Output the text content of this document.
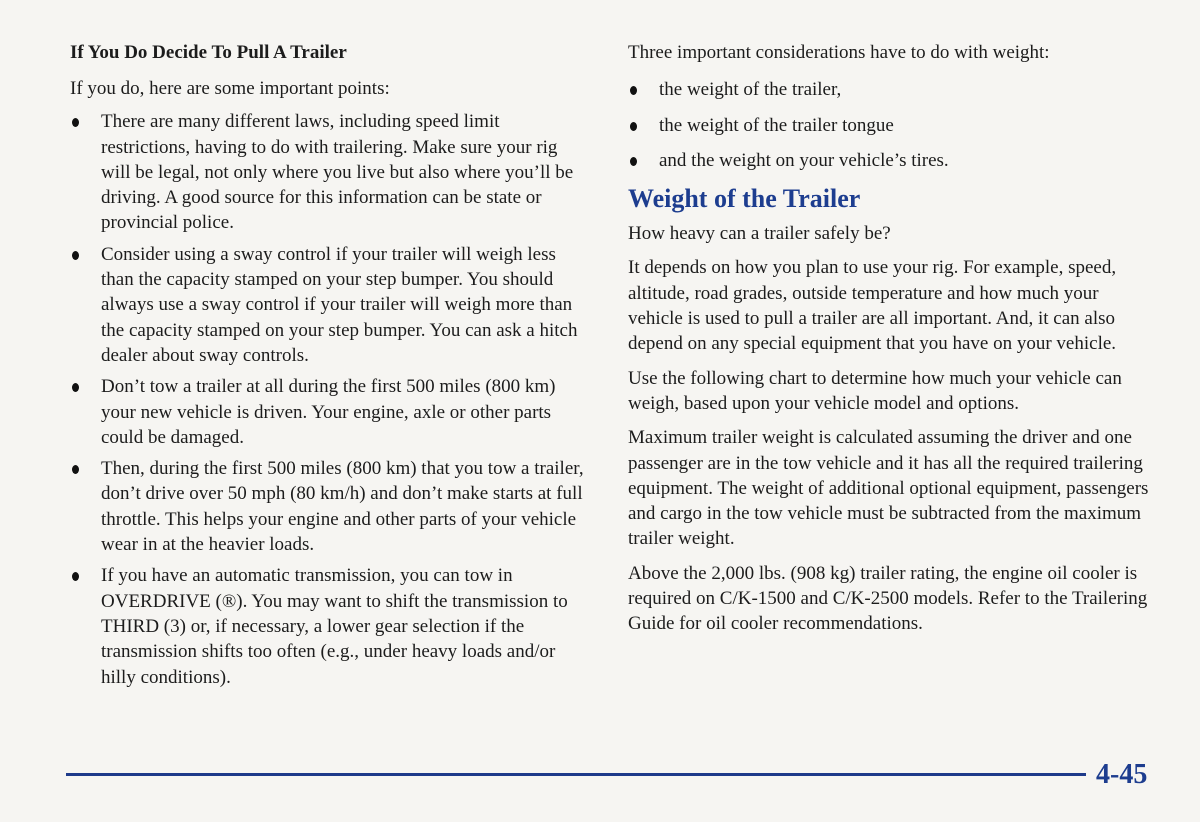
If You Do Decide To Pull A Trailer

If you do, here are some important points:

There are many different laws, including speed limit restrictions, having to do with trailering. Make sure your rig will be legal, not only where you live but also where you’ll be driving. A good source for this information can be state or provincial police.
Consider using a sway control if your trailer will weigh less than the capacity stamped on your step bumper. You should always use a sway control if your trailer will weigh more than the capacity stamped on your step bumper. You can ask a hitch dealer about sway controls.
Don’t tow a trailer at all during the first 500 miles (800 km) your new vehicle is driven. Your engine, axle or other parts could be damaged.
Then, during the first 500 miles (800 km) that you tow a trailer, don’t drive over 50 mph (80 km/h) and don’t make starts at full throttle. This helps your engine and other parts of your vehicle wear in at the heavier loads.
If you have an automatic transmission, you can tow in OVERDRIVE (®). You may want to shift the transmission to THIRD (3) or, if necessary, a lower gear selection if the transmission shifts too often (e.g., under heavy loads and/or hilly conditions).

Three important considerations have to do with weight:

the weight of the trailer,
the weight of the trailer tongue
and the weight on your vehicle’s tires.
Weight of the Trailer

How heavy can a trailer safely be?

It depends on how you plan to use your rig. For example, speed, altitude, road grades, outside temperature and how much your vehicle is used to pull a trailer are all important. And, it can also depend on any special equipment that you have on your vehicle.

Use the following chart to determine how much your vehicle can weigh, based upon your vehicle model and options.

Maximum trailer weight is calculated assuming the driver and one passenger are in the tow vehicle and it has all the required trailering equipment. The weight of additional optional equipment, passengers and cargo in the tow vehicle must be subtracted from the maximum trailer weight.

Above the 2,000 lbs. (908 kg) trailer rating, the engine oil cooler is required on C/K-1500 and C/K-2500 models. Refer to the Trailering Guide for oil cooler recommendations.

4-45
